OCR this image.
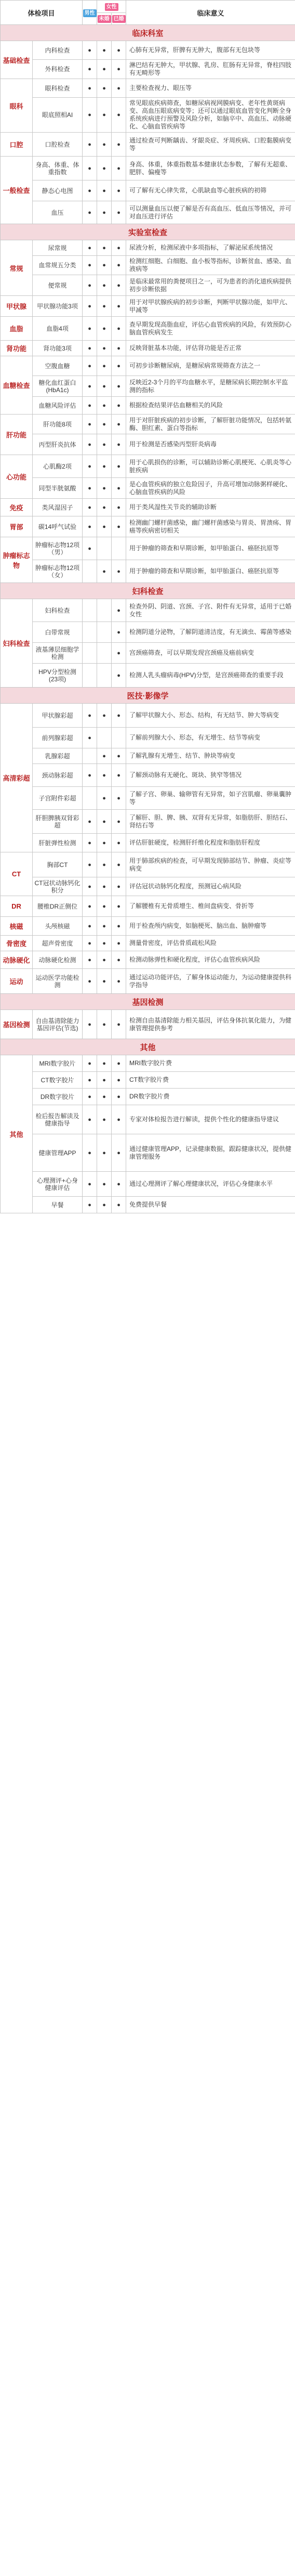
体检项目		男性	女性		临床意义
			未婚	已婚	
临床科室					
基础检查	内科检查	●	●	●	心肺有无异常，肝脾有无肿大，腹部有无包块等
	外科检查	●	●	●	淋巴结有无肿大，甲状腺、乳房、肛肠有无异常，脊柱四肢有无畸形等
眼科	眼科检查	●	●	●	主要检查视力、眼压等
	眼底照相AI	●	●	●	常见眼底疾病筛查，如糖尿病视网膜病变、老年性黄斑病变、高血压眼底病变等；还可以通过眼底血管变化判断全身系统疾病进行预警及风险分析，如脑卒中、高血压、动脉硬化、心脑血管疾病等
口腔	口腔检查	●	●	●	通过检查可判断龋齿、牙龈炎症、牙周疾病、口腔黏膜病变等
一般检查	身高、体重、体重指数	●	●	●	身高、体重，体重指数基本健康状态参数，了解有无超重、肥胖、偏瘦等
	静态心电图	●	●	●	可了解有无心律失常，心肌缺血等心脏疾病的初筛
	血压	●	●	●	可以测量血压以便了解是否有高血压、低血压等情况，并可对血压进行评估
实验室检查					
常规	尿常规	●	●	●	尿液分析，检测尿液中多项指标，了解泌尿系统情况
	血常规五分类	●	●	●	检测红细胞、白细胞、血小板等指标，诊断贫血、感染、血液病等
	便常规	●	●	●	是临床最常用的粪便项目之一，可为患者的消化道疾病提供初步诊断依据
甲状腺	甲状腺功能3项	●	●	●	用于对甲状腺疾病的初步诊断，判断甲状腺功能，如甲亢、甲减等
血脂	血脂4项	●	●	●	查早期发现高脂血症，评估心血管疾病的风险，有效预防心脑血管疾病发生
肾功能	肾功能3项	●	●	●	反映肾脏基本功能，评估肾功能是否正常
血糖检查	空腹血糖	●	●	●	可初步诊断糖尿病，是糖尿病常规筛查方法之一
	糖化血红蛋白(HbA1c)	●	●	●	反映近2-3个月的平均血糖水平，是糖尿病长期控制水平监测的指标
	血糖风险评估	●	●	●	根据检查结果评估血糖相关的风险
肝功能	肝功能8项	●	●	●	用于对肝脏疾病的初步诊断，了解肝脏功能情况，包括转氨酶、胆红素、蛋白等指标
	丙型肝炎抗体	●	●	●	用于检测是否感染丙型肝炎病毒
心功能	心肌酶2项	●	●	●	用于心肌损伤的诊断，可以辅助诊断心肌梗死、心肌炎等心脏疾病
	同型半胱氨酸	●	●	●	是心血管疾病的独立危险因子，升高可增加动脉粥样硬化、心脑血管疾病的风险
免疫	类风湿因子	●	●	●	用于类风湿性关节炎的辅助诊断
胃部	碳14呼气试验	●	●	●	检测幽门螺杆菌感染，幽门螺杆菌感染与胃炎、胃溃疡、胃癌等疾病密切相关
肿瘤标志物	肿瘤标志物12项（男）	●			用于肿瘤的筛查和早期诊断，如甲胎蛋白、癌胚抗原等
	肿瘤标志物12项（女）		●	●	用于肿瘤的筛查和早期诊断，如甲胎蛋白、癌胚抗原等
妇科检查					
妇科检查	妇科检查			●	检查外阴、阴道、宫颈、子宫、附件有无异常，适用于已婚女性
	白带常规			●	检测阴道分泌物，了解阴道清洁度，有无滴虫、霉菌等感染
	液基薄层细胞学检测			●	宫颈癌筛查，可以早期发现宫颈癌及癌前病变
	HPV分型检测(23项)			●	检测人乳头瘤病毒(HPV)分型，是宫颈癌筛查的重要手段
医技·影像学					
高清彩超	甲状腺彩超	●	●	●	了解甲状腺大小、形态、结构，有无结节、肿大等病变
	前列腺彩超	●			了解前列腺大小、形态，有无增生、结节等病变
	乳腺彩超		●	●	了解乳腺有无增生、结节、肿块等病变
	颈动脉彩超	●	●	●	了解颈动脉有无硬化、斑块、狭窄等情况
	子宫附件彩超		●	●	了解子宫、卵巢、输卵管有无异常，如子宫肌瘤、卵巢囊肿等
	肝胆脾胰双肾彩超	●	●	●	了解肝、胆、脾、胰、双肾有无异常，如脂肪肝、胆结石、肾结石等
	肝脏弹性检测	●	●	●	评估肝脏硬度，检测肝纤维化程度和脂肪肝程度
CT	胸部CT	●	●	●	用于肺部疾病的检查，可早期发现肺部结节、肿瘤、炎症等病变
	CT冠状动脉钙化积分	●	●	●	评估冠状动脉钙化程度，预测冠心病风险
DR	腰椎DR正侧位	●	●	●	了解腰椎有无骨质增生、椎间盘病变、骨折等
核磁	头颅核磁	●	●	●	用于检查颅内病变，如脑梗死、脑出血、脑肿瘤等
骨密度	超声骨密度	●	●	●	测量骨密度，评估骨质疏松风险
动脉硬化	动脉硬化检测	●	●	●	检测动脉弹性和硬化程度，评估心血管疾病风险
运动	运动医学功能检测	●	●	●	通过运动功能评估，了解身体运动能力，为运动健康提供科学指导
基因检测					
基因检测	自由基清除能力基因评估(节选)	●	●	●	检测自由基清除能力相关基因，评估身体抗氧化能力，为健康管理提供参考
其他					
其他	MRI数字胶片	●	●	●	MRI数字胶片费
	CT数字胶片	●	●	●	CT数字胶片费
	DR数字胶片	●	●	●	DR数字胶片费
	检后报告解读及健康指导	●	●	●	专家对体检报告进行解读，提供个性化的健康指导建议
	健康管理APP	●	●	●	通过健康管理APP，记录健康数据，跟踪健康状况，提供健康管理服务
	心理测评+心身健康评估	●	●	●	通过心理测评了解心理健康状况，评估心身健康水平
	早餐	●	●	●	免费提供早餐
